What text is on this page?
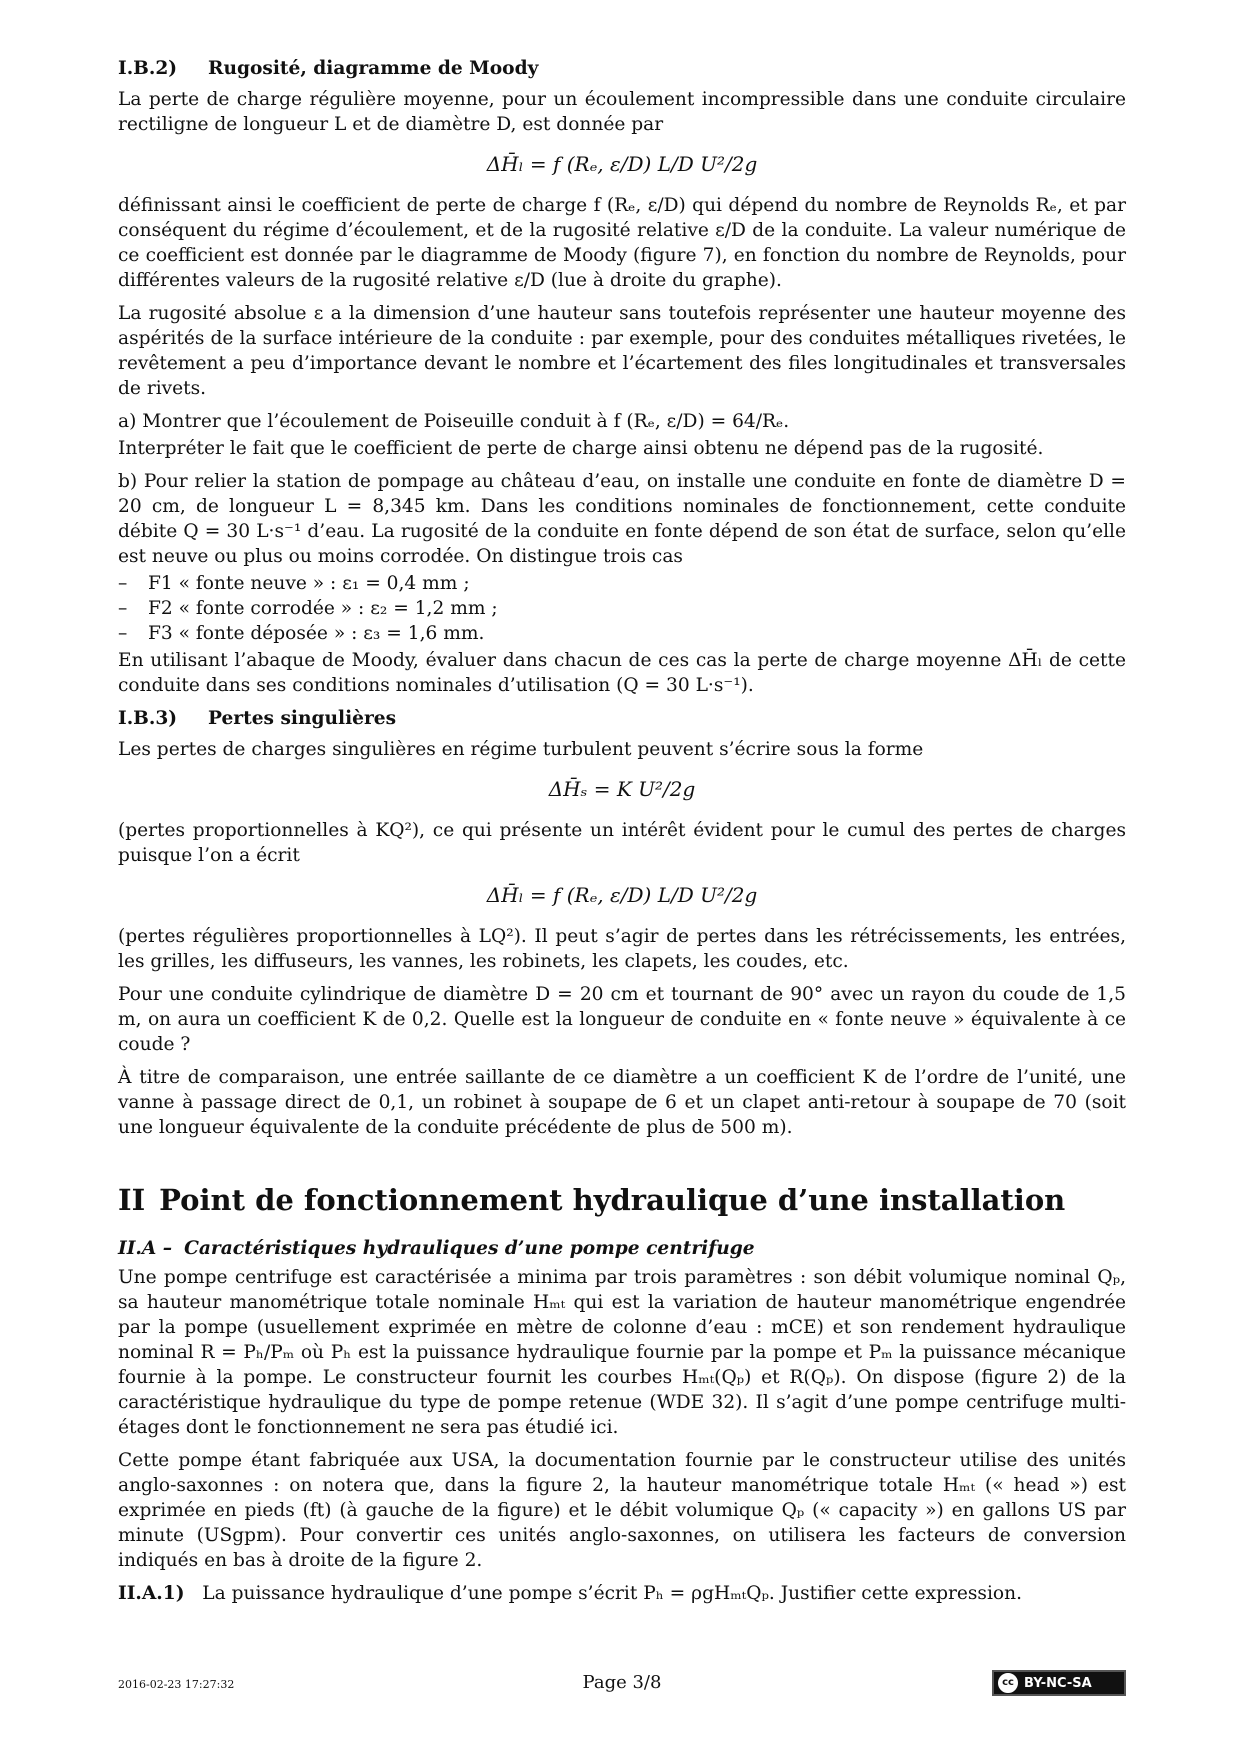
I.B.2) Rugosité, diagramme de Moody

La perte de charge régulière moyenne, pour un écoulement incompressible dans une conduite circulaire rectiligne de longueur L et de diamètre D, est donnée par

ΔH̄ₗ = f (Rₑ, ε/D) L/D U²/2g

définissant ainsi le coefficient de perte de charge f (Rₑ, ε/D) qui dépend du nombre de Reynolds Rₑ, et par conséquent du régime d’écoulement, et de la rugosité relative ε/D de la conduite. La valeur numérique de ce coefficient est donnée par le diagramme de Moody (figure 7), en fonction du nombre de Reynolds, pour différentes valeurs de la rugosité relative ε/D (lue à droite du graphe).

La rugosité absolue ε a la dimension d’une hauteur sans toutefois représenter une hauteur moyenne des aspérités de la surface intérieure de la conduite : par exemple, pour des conduites métalliques rivetées, le revêtement a peu d’importance devant le nombre et l’écartement des files longitudinales et transversales de rivets.

a) Montrer que l’écoulement de Poiseuille conduit à f (Rₑ, ε/D) = 64/Rₑ.

Interpréter le fait que le coefficient de perte de charge ainsi obtenu ne dépend pas de la rugosité.

b) Pour relier la station de pompage au château d’eau, on installe une conduite en fonte de diamètre D = 20 cm, de longueur L = 8,345 km. Dans les conditions nominales de fonctionnement, cette conduite débite Q = 30 L·s⁻¹ d’eau. La rugosité de la conduite en fonte dépend de son état de surface, selon qu’elle est neuve ou plus ou moins corrodée. On distingue trois cas

– F1 « fonte neuve » : ε₁ = 0,4 mm ;
– F2 « fonte corrodée » : ε₂ = 1,2 mm ;
– F3 « fonte déposée » : ε₃ = 1,6 mm.

En utilisant l’abaque de Moody, évaluer dans chacun de ces cas la perte de charge moyenne ΔH̄ₗ de cette conduite dans ses conditions nominales d’utilisation (Q = 30 L·s⁻¹).

I.B.3) Pertes singulières

Les pertes de charges singulières en régime turbulent peuvent s’écrire sous la forme

ΔH̄ₛ = K U²/2g

(pertes proportionnelles à KQ²), ce qui présente un intérêt évident pour le cumul des pertes de charges puisque l’on a écrit

ΔH̄ₗ = f (Rₑ, ε/D) L/D U²/2g

(pertes régulières proportionnelles à LQ²). Il peut s’agir de pertes dans les rétrécissements, les entrées, les grilles, les diffuseurs, les vannes, les robinets, les clapets, les coudes, etc.

Pour une conduite cylindrique de diamètre D = 20 cm et tournant de 90° avec un rayon du coude de 1,5 m, on aura un coefficient K de 0,2. Quelle est la longueur de conduite en « fonte neuve » équivalente à ce coude ?

À titre de comparaison, une entrée saillante de ce diamètre a un coefficient K de l’ordre de l’unité, une vanne à passage direct de 0,1, un robinet à soupape de 6 et un clapet anti-retour à soupape de 70 (soit une longueur équivalente de la conduite précédente de plus de 500 m).

II Point de fonctionnement hydraulique d’une installation
II.A – Caractéristiques hydrauliques d’une pompe centrifuge

Une pompe centrifuge est caractérisée a minima par trois paramètres : son débit volumique nominal Qₚ, sa hauteur manométrique totale nominale Hₘₜ qui est la variation de hauteur manométrique engendrée par la pompe (usuellement exprimée en mètre de colonne d’eau : mCE) et son rendement hydraulique nominal R = Pₕ/Pₘ où Pₕ est la puissance hydraulique fournie par la pompe et Pₘ la puissance mécanique fournie à la pompe. Le constructeur fournit les courbes Hₘₜ(Qₚ) et R(Qₚ). On dispose (figure 2) de la caractéristique hydraulique du type de pompe retenue (WDE 32). Il s’agit d’une pompe centrifuge multi-étages dont le fonctionnement ne sera pas étudié ici.

Cette pompe étant fabriquée aux USA, la documentation fournie par le constructeur utilise des unités anglo-saxonnes : on notera que, dans la figure 2, la hauteur manométrique totale Hₘₜ (« head ») est exprimée en pieds (ft) (à gauche de la figure) et le débit volumique Qₚ (« capacity ») en gallons US par minute (USgpm). Pour convertir ces unités anglo-saxonnes, on utilisera les facteurs de conversion indiqués en bas à droite de la figure 2.

II.A.1) La puissance hydraulique d’une pompe s’écrit Pₕ = ρgHₘₜQₚ. Justifier cette expression.

2016-02-23 17:27:32	Page 3/8	cc BY-NC-SA
